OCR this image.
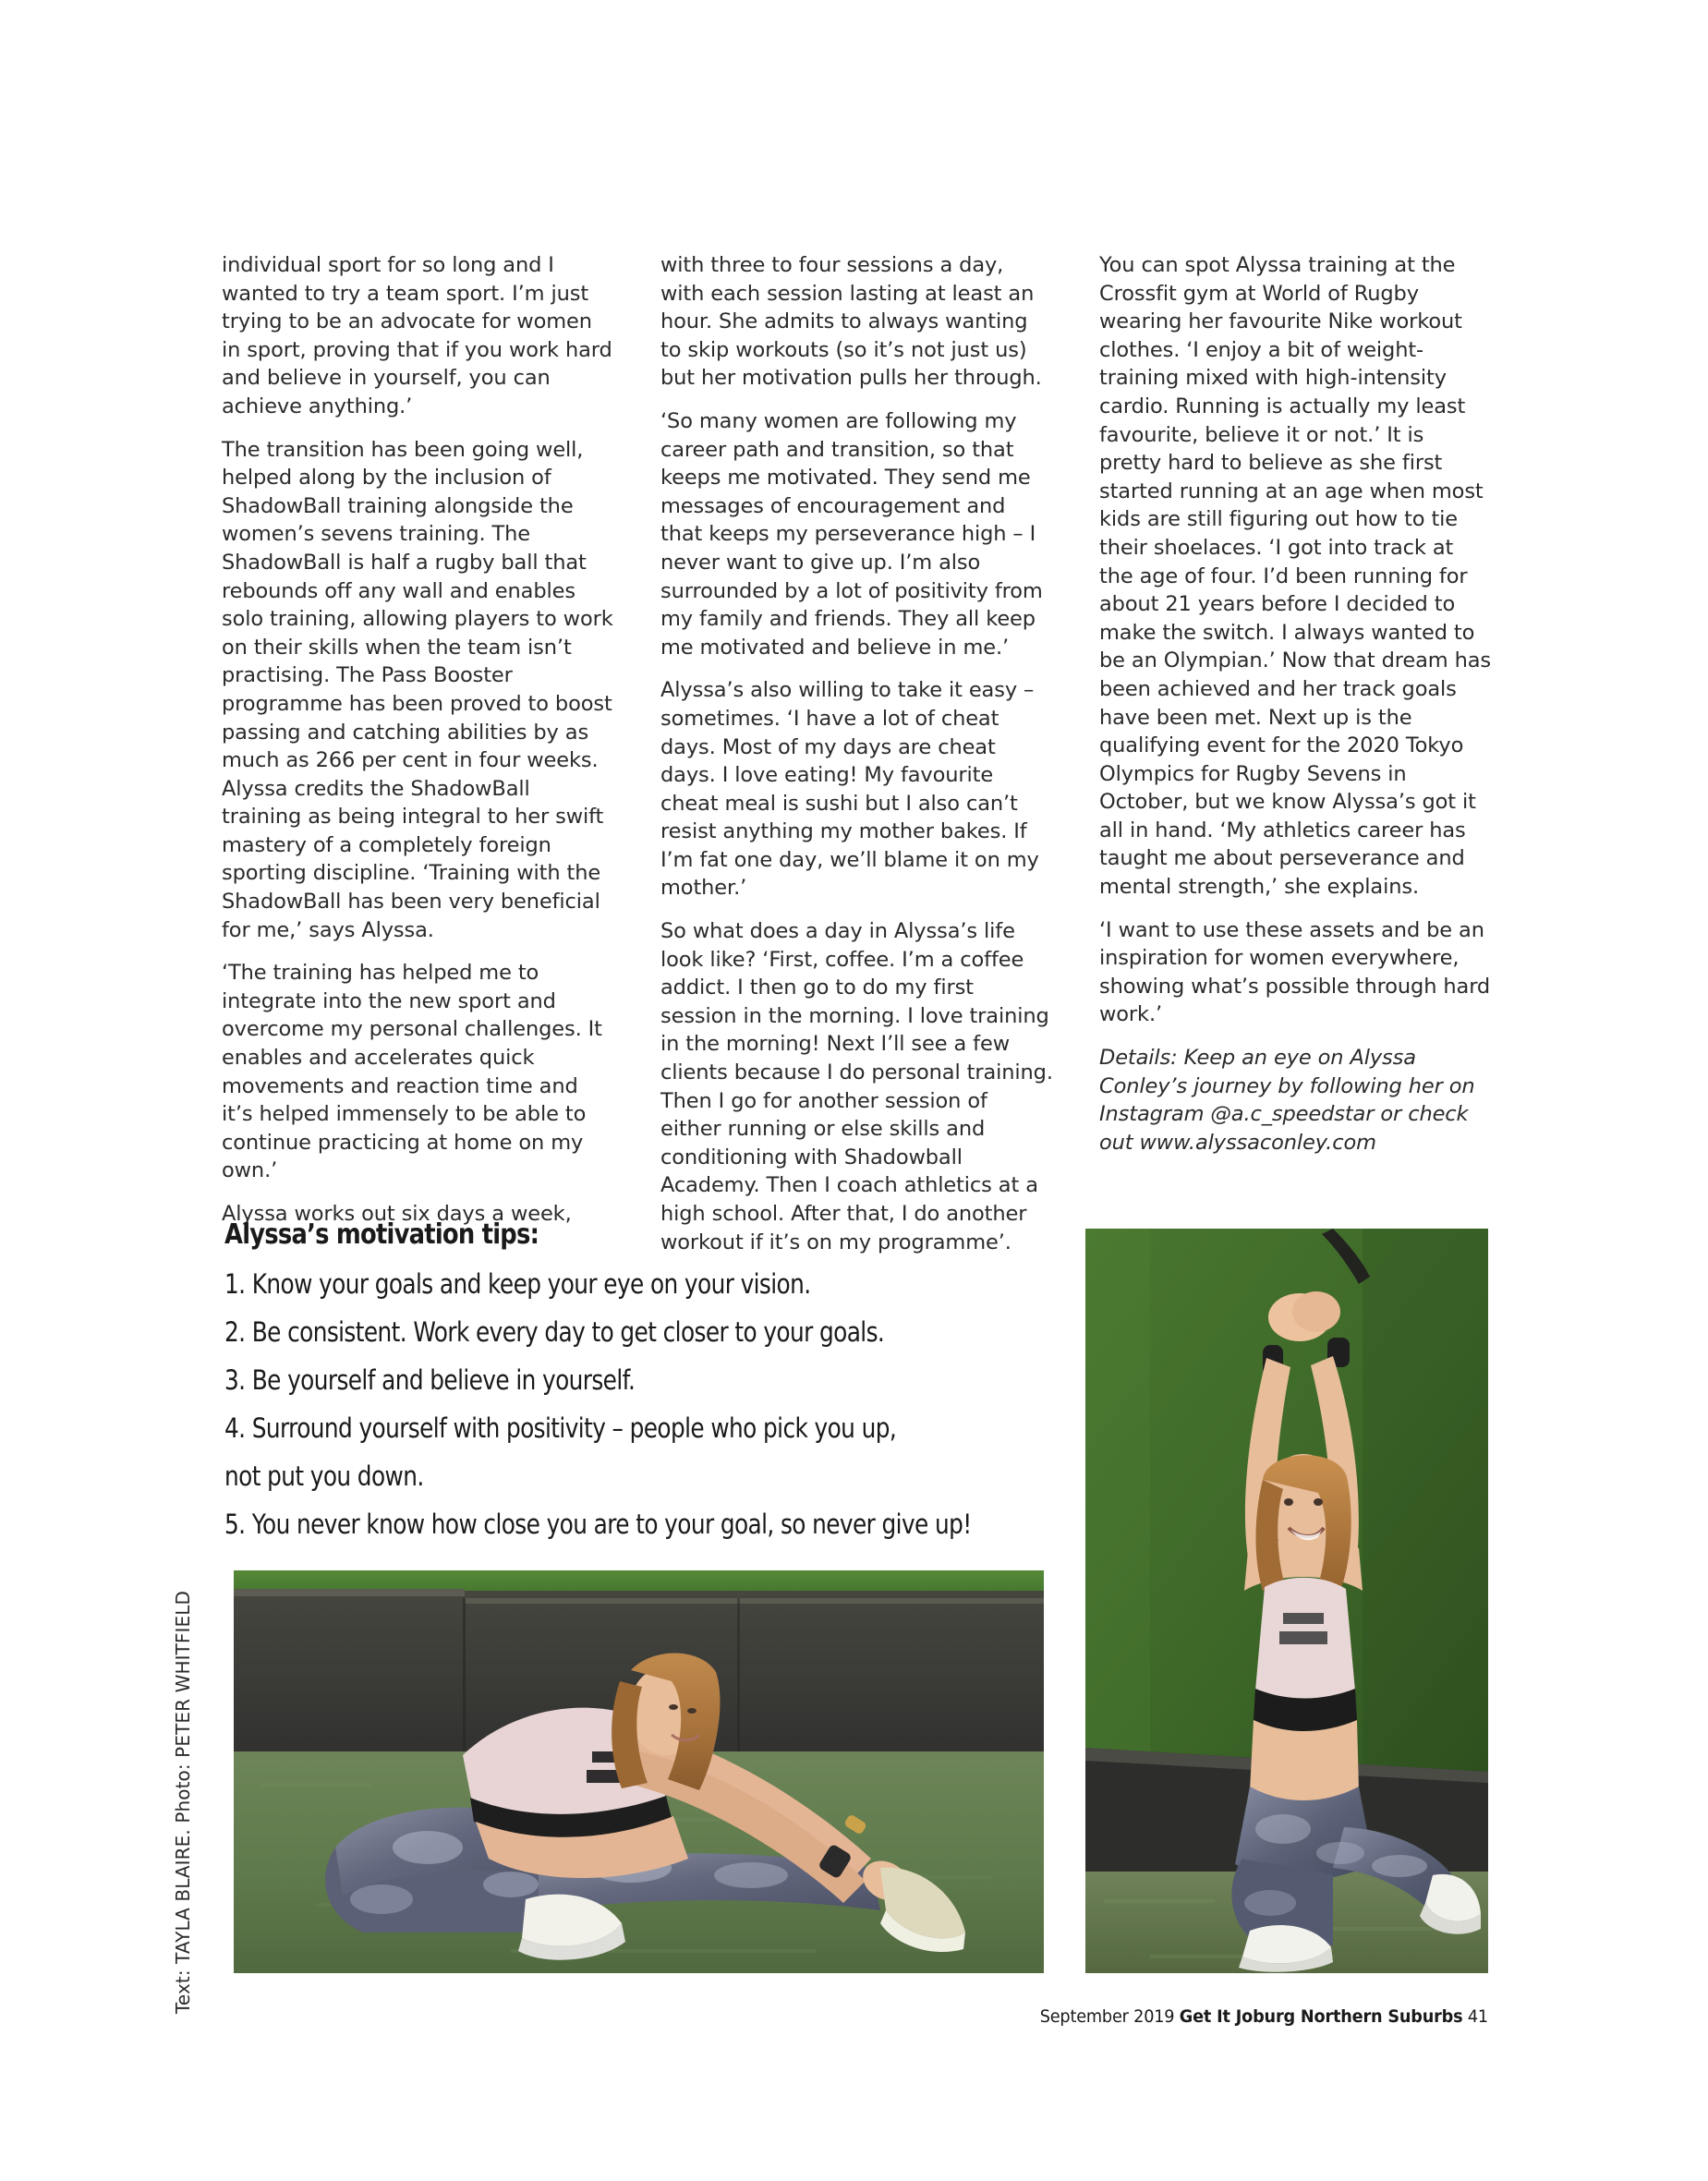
individual sport for so long and I wanted to try a team sport. I’m just trying to be an advocate for women in sport, proving that if you work hard and believe in yourself, you can achieve anything.’

The transition has been going well, helped along by the inclusion of ShadowBall training alongside the women’s sevens training. The ShadowBall is half a rugby ball that rebounds off any wall and enables solo training, allowing players to work on their skills when the team isn’t practising. The Pass Booster programme has been proved to boost passing and catching abilities by as much as 266 per cent in four weeks. Alyssa credits the ShadowBall training as being integral to her swift mastery of a completely foreign sporting discipline. ‘Training with the ShadowBall has been very beneficial for me,’ says Alyssa.

‘The training has helped me to integrate into the new sport and overcome my personal challenges. It enables and accelerates quick movements and reaction time and it’s helped immensely to be able to continue practicing at home on my own.’

Alyssa works out six days a week,

with three to four sessions a day, with each session lasting at least an hour. She admits to always wanting to skip workouts (so it’s not just us) but her motivation pulls her through.

‘So many women are following my career path and transition, so that keeps me motivated. They send me messages of encouragement and that keeps my perseverance high – I never want to give up. I’m also surrounded by a lot of positivity from my family and friends. They all keep me motivated and believe in me.’

Alyssa’s also willing to take it easy – sometimes. ‘I have a lot of cheat days. Most of my days are cheat days. I love eating! My favourite cheat meal is sushi but I also can’t resist anything my mother bakes. If I’m fat one day, we’ll blame it on my mother.’

So what does a day in Alyssa’s life look like? ‘First, coffee. I’m a coffee addict. I then go to do my first session in the morning. I love training in the morning! Next I’ll see a few clients because I do personal training. Then I go for another session of either running or else skills and conditioning with Shadowball Academy. Then I coach athletics at a high school. After that, I do another workout if it’s on my programme’.

You can spot Alyssa training at the Crossfit gym at World of Rugby wearing her favourite Nike workout clothes. ‘I enjoy a bit of weight-training mixed with high-intensity cardio. Running is actually my least favourite, believe it or not.’ It is pretty hard to believe as she first started running at an age when most kids are still figuring out how to tie their shoelaces. ‘I got into track at the age of four. I’d been running for about 21 years before I decided to make the switch. I always wanted to be an Olympian.’ Now that dream has been achieved and her track goals have been met. Next up is the qualifying event for the 2020 Tokyo Olympics for Rugby Sevens in October, but we know Alyssa’s got it all in hand. ‘My athletics career has taught me about perseverance and mental strength,’ she explains.

‘I want to use these assets and be an inspiration for women everywhere, showing what’s possible through hard work.’

Details: Keep an eye on Alyssa Conley’s journey by following her on Instagram @a.c_speedstar or check out www.alyssaconley.com

Alyssa’s motivation tips:
1. Know your goals and keep your eye on your vision.
2. Be consistent. Work every day to get closer to your goals.
3. Be yourself and believe in yourself.
4. Surround yourself with positivity – people who pick you up,
not put you down.
5. You never know how close you are to your goal, so never give up!
Text: TAYLA BLAIRE. Photo: PETER WHITFIELD
September 2019 Get It Joburg Northern Suburbs 41
